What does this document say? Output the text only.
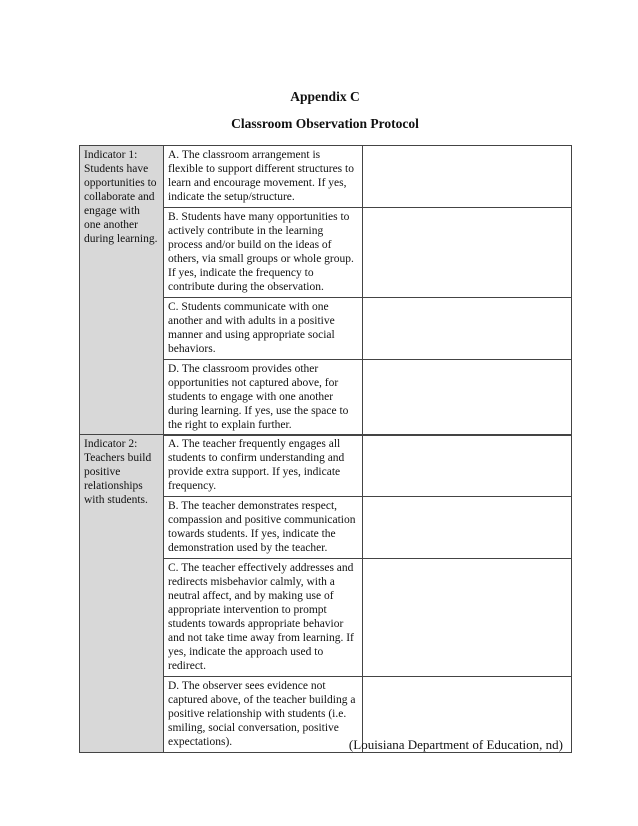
Appendix C
Classroom Observation Protocol
Indicator 1: Students have opportunities to collaborate and engage with one another during learning.	A. The classroom arrangement is flexible to support different structures to learn and encourage movement. If yes, indicate the setup/structure.	
	B. Students have many opportunities to actively contribute in the learning process and/or build on the ideas of others, via small groups or whole group. If yes, indicate the frequency to contribute during the observation.	
	C. Students communicate with one another and with adults in a positive manner and using appropriate social behaviors.	
	D. The classroom provides other opportunities not captured above, for students to engage with one another during learning. If yes, use the space to the right to explain further.	
Indicator 2: Teachers build positive relationships with students.	A. The teacher frequently engages all students to confirm understanding and provide extra support. If yes, indicate frequency.	
	B. The teacher demonstrates respect, compassion and positive communication towards students. If yes, indicate the demonstration used by the teacher.	
	C. The teacher effectively addresses and redirects misbehavior calmly, with a neutral affect, and by making use of appropriate intervention to prompt students towards appropriate behavior and not take time away from learning. If yes, indicate the approach used to redirect.	
	D. The observer sees evidence not captured above, of the teacher building a positive relationship with students (i.e. smiling, social conversation, positive expectations).		(Louisiana Department of Education, nd)
